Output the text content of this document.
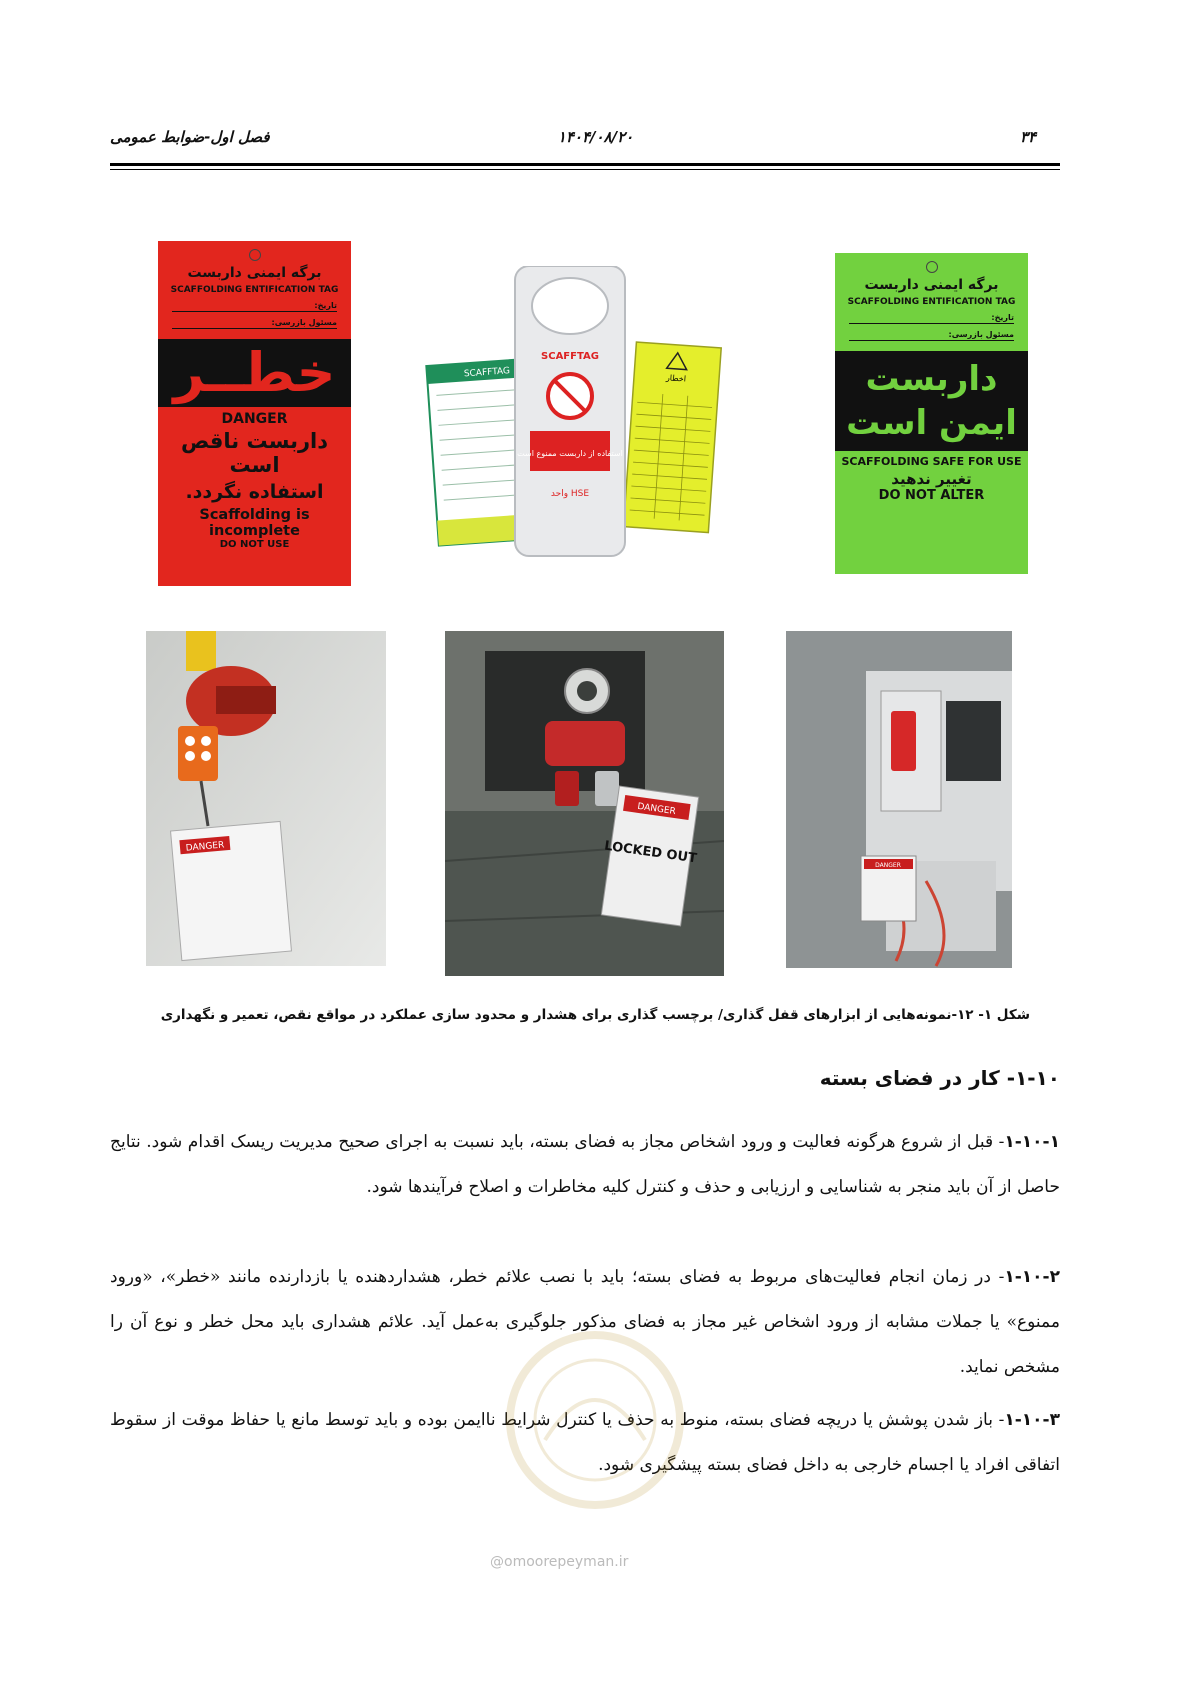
۳۴
۱۴۰۴/۰۸/۲۰
فصل اول-ضوابط عمومی
برگه ایمنی داربست
SCAFFOLDING ENTIFICATION TAG
تاریخ:
مسئول بازرسی:
خطــر
DANGER
داربست ناقص است
استفاده نگردد.
Scaffolding is incomplete
DO NOT USE
SCAFFTAG	اخطار
SCAFFTAG
استفاده از داربست ممنوع است
واحد HSE
برگه ایمنی داربست
SCAFFOLDING ENTIFICATION TAG
تاریخ:
مسئول بازرسی:
داربست
ایمن است
SCAFFOLDING SAFE FOR USE
تغییر ندهید
DO NOT ALTER
DANGER
DANGER
LOCKED OUT	DANGER
شکل ۱- ۱۲-نمونه‌هایی از ابزارهای قفل گذاری/ برچسب گذاری برای هشدار و محدود سازی عملکرد در مواقع نقص، تعمیر و نگهداری
۱-۱۰- کار در فضای بسته
۱-۱۰-۱- قبل از شروع هرگونه فعالیت و ورود اشخاص مجاز به فضای بسته، باید نسبت به اجرای صحیح مدیریت ریسک اقدام شود. نتایج حاصل از آن باید منجر به شناسایی و ارزیابی و حذف و کنترل کلیه مخاطرات و اصلاح فرآیندها شود.
۱-۱۰-۲- در زمان انجام فعالیت‌های مربوط به فضای بسته؛ باید با نصب علائم خطر، هشداردهنده یا بازدارنده مانند «خطر»، «ورود ممنوع» یا جملات مشابه از ورود اشخاص غیر مجاز به فضای مذکور جلوگیری به‌عمل آید. علائم هشداری باید محل خطر و نوع آن را مشخص نماید.
۱-۱۰-۳- باز شدن پوشش یا دریچه فضای بسته، منوط به حذف یا کنترل شرایط ناایمن بوده و باید توسط مانع یا حفاظ موقت از سقوط اتفاقی افراد یا اجسام خارجی به داخل فضای بسته پیشگیری شود.
@omoorepeyman.ir
